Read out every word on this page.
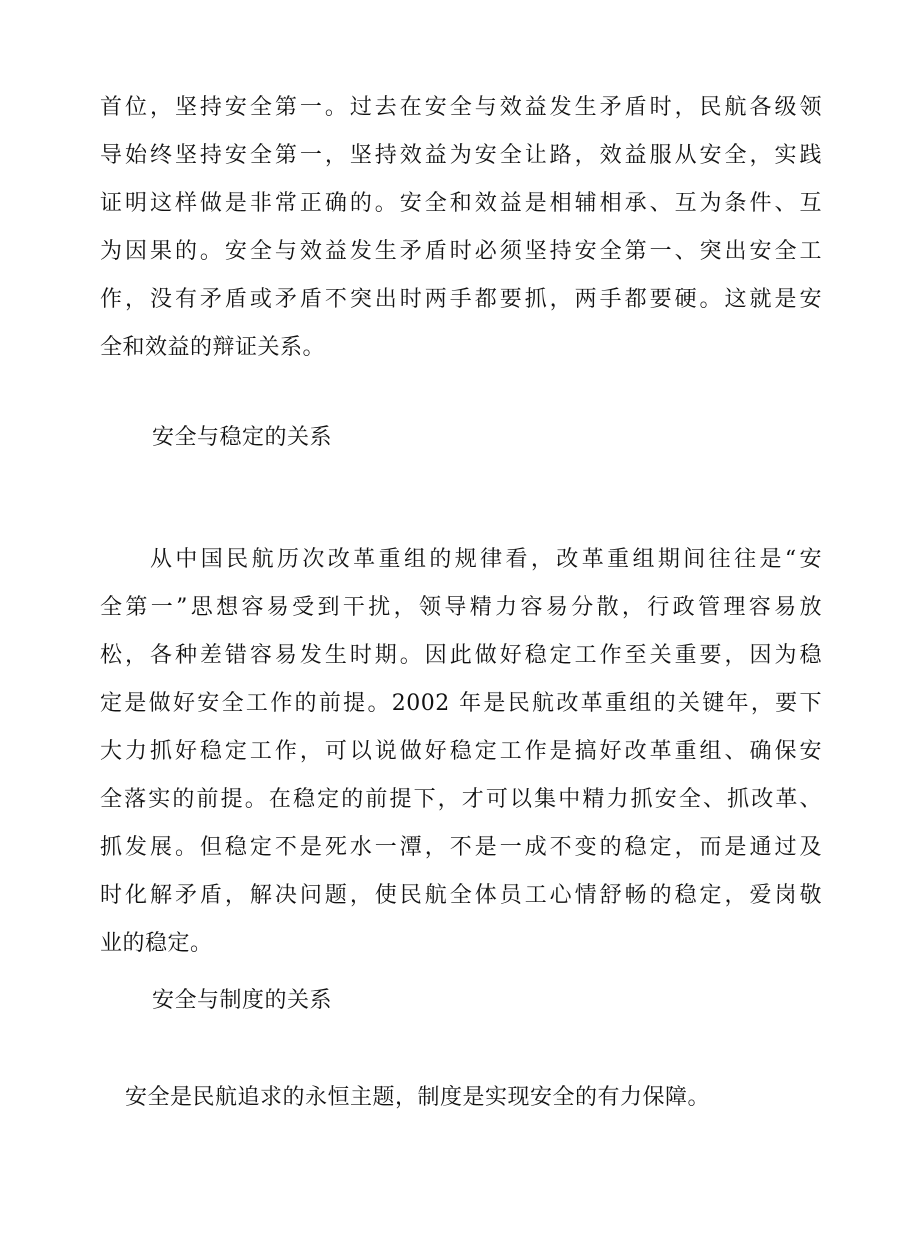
首位，坚持安全第一。过去在安全与效益发生矛盾时，民航各级领
导始终坚持安全第一，坚持效益为安全让路，效益服从安全，实践
证明这样做是非常正确的。安全和效益是相辅相承、互为条件、互
为因果的。安全与效益发生矛盾时必须坚持安全第一、突出安全工
作，没有矛盾或矛盾不突出时两手都要抓，两手都要硬。这就是安
全和效益的辩证关系。
安全与稳定的关系
从中国民航历次改革重组的规律看，改革重组期间往往是“安
全第一”思想容易受到干扰，领导精力容易分散，行政管理容易放
松，各种差错容易发生时期。因此做好稳定工作至关重要，因为稳
定是做好安全工作的前提。2002 年是民航改革重组的关键年，要下
大力抓好稳定工作，可以说做好稳定工作是搞好改革重组、确保安
全落实的前提。在稳定的前提下，才可以集中精力抓安全、抓改革、
抓发展。但稳定不是死水一潭，不是一成不变的稳定，而是通过及
时化解矛盾，解决问题，使民航全体员工心情舒畅的稳定，爱岗敬
业的稳定。
安全与制度的关系
安全是民航追求的永恒主题，制度是实现安全的有力保障。
